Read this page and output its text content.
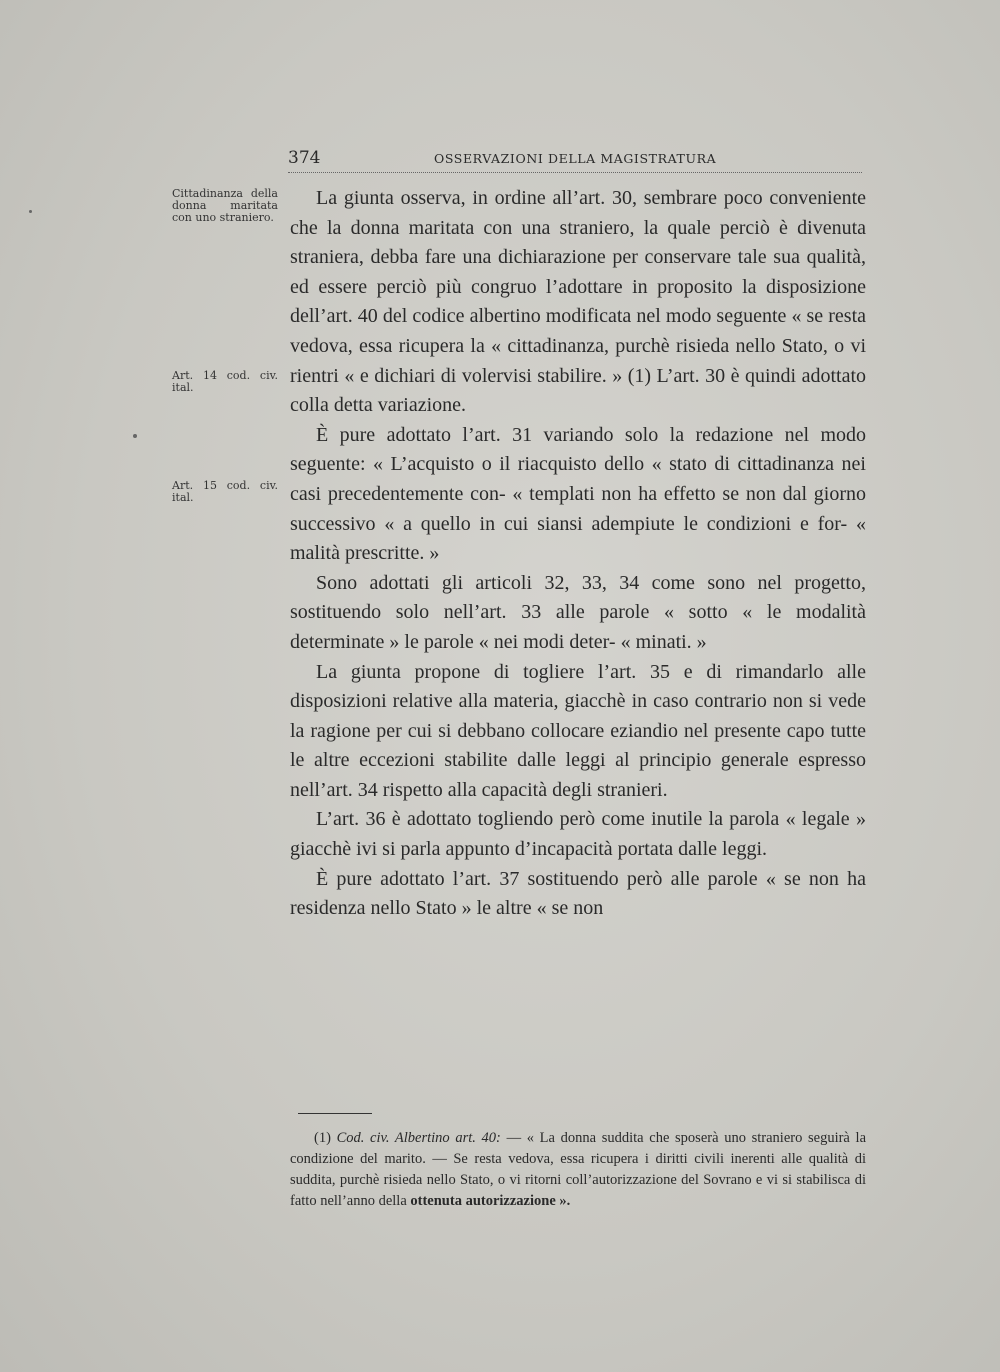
374	OSSERVAZIONI DELLA MAGISTRATURA
Cittadinanza della donna maritata con uno straniero.
Art. 14 cod. civ. ital.
Art. 15 cod. civ. ital.

La giunta osserva, in ordine all’art. 30, sembrare poco conveniente che la donna maritata con una straniero, la quale perciò è divenuta straniera, debba fare una dichiarazione per conservare tale sua qualità, ed essere perciò più congruo l’adottare in proposito la disposizione dell’art. 40 del codice albertino modificata nel modo seguente « se resta vedova, essa ricupera la « cittadinanza, purchè risieda nello Stato, o vi rientri « e dichiari di volervisi stabilire. » (1) L’art. 30 è quindi adottato colla detta variazione.

È pure adottato l’art. 31 variando solo la redazione nel modo seguente: « L’acquisto o il riacquisto dello « stato di cittadinanza nei casi precedentemente con- « templati non ha effetto se non dal giorno successivo « a quello in cui siansi adempiute le condizioni e for- « malità prescritte. »

Sono adottati gli articoli 32, 33, 34 come sono nel progetto, sostituendo solo nell’art. 33 alle parole « sotto « le modalità determinate » le parole « nei modi deter- « minati. »

La giunta propone di togliere l’art. 35 e di rimandarlo alle disposizioni relative alla materia, giacchè in caso contrario non si vede la ragione per cui si debbano collocare eziandio nel presente capo tutte le altre eccezioni stabilite dalle leggi al principio generale espresso nell’art. 34 rispetto alla capacità degli stranieri.

L’art. 36 è adottato togliendo però come inutile la parola « legale » giacchè ivi si parla appunto d’incapacità portata dalle leggi.

È pure adottato l’art. 37 sostituendo però alle parole « se non ha residenza nello Stato » le altre « se non

(1) Cod. civ. Albertino art. 40: — « La donna suddita che sposerà uno straniero seguirà la condizione del marito. — Se resta vedova, essa ricupera i diritti civili inerenti alle qualità di suddita, purchè risieda nello Stato, o vi ritorni coll’autorizzazione del Sovrano e vi si stabilisca di fatto nell’anno della ottenuta autorizzazione ».
